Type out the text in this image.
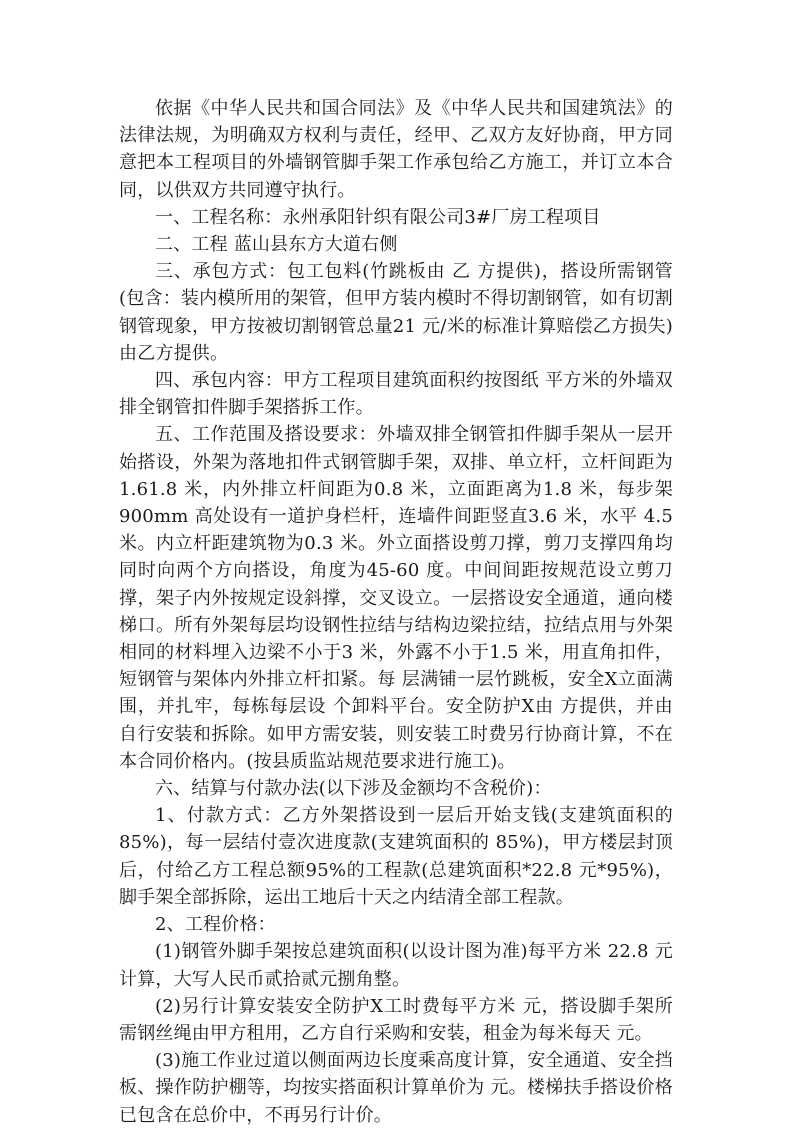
依据《中华人民共和国合同法》及《中华人民共和国建筑法》的法律法规，为明确双方权利与责任，经甲、乙双方友好协商，甲方同意把本工程项目的外墙钢管脚手架工作承包给乙方施工，并订立本合同，以供双方共同遵守执行。

一、工程名称：永州承阳针织有限公司3#厂房工程项目

二、工程 蓝山县东方大道右侧

三、承包方式：包工包料(竹跳板由 乙 方提供)，搭设所需钢管(包含：装内模所用的架管，但甲方装内模时不得切割钢管，如有切割钢管现象，甲方按被切割钢管总量21 元/米的标准计算赔偿乙方损失)由乙方提供。

四、承包内容：甲方工程项目建筑面积约按图纸 平方米的外墙双排全钢管扣件脚手架搭拆工作。

五、工作范围及搭设要求：外墙双排全钢管扣件脚手架从一层开始搭设，外架为落地扣件式钢管脚手架，双排、单立杆，立杆间距为1.61.8 米，内外排立杆间距为0.8 米，立面距离为1.8 米，每步架900mm 高处设有一道护身栏杆，连墙件间距竖直3.6 米，水平 4.5米。内立杆距建筑物为0.3 米。外立面搭设剪刀撑，剪刀支撑四角均同时向两个方向搭设，角度为45-60 度。中间间距按规范设立剪刀撑，架子内外按规定设斜撑，交叉设立。一层搭设安全通道，通向楼梯口。所有外架每层均设钢性拉结与结构边梁拉结，拉结点用与外架相同的材料埋入边梁不小于3 米，外露不小于1.5 米，用直角扣件，短钢管与架体内外排立杆扣紧。每 层满铺一层竹跳板，安全X立面满围，并扎牢，每栋每层设 个卸料平台。安全防护X由 方提供，并由 自行安装和拆除。如甲方需安装，则安装工时费另行协商计算，不在本合同价格内。(按县质监站规范要求进行施工)。

六、结算与付款办法(以下涉及金额均不含税价)：

1、付款方式：乙方外架搭设到一层后开始支钱(支建筑面积的85%)，每一层结付壹次进度款(支建筑面积的 85%)，甲方楼层封顶后，付给乙方工程总额95%的工程款(总建筑面积*22.8 元*95%)，脚手架全部拆除，运出工地后十天之内结清全部工程款。

2、工程价格：

(1)钢管外脚手架按总建筑面积(以设计图为准)每平方米 22.8 元计算，大写人民币贰拾贰元捌角整。

(2)另行计算安装安全防护X工时费每平方米 元，搭设脚手架所需钢丝绳由甲方租用，乙方自行采购和安装，租金为每米每天 元。

(3)施工作业过道以侧面两边长度乘高度计算，安全通道、安全挡板、操作防护棚等，均按实搭面积计算单价为 元。楼梯扶手搭设价格已包含在总价中，不再另行计价。
